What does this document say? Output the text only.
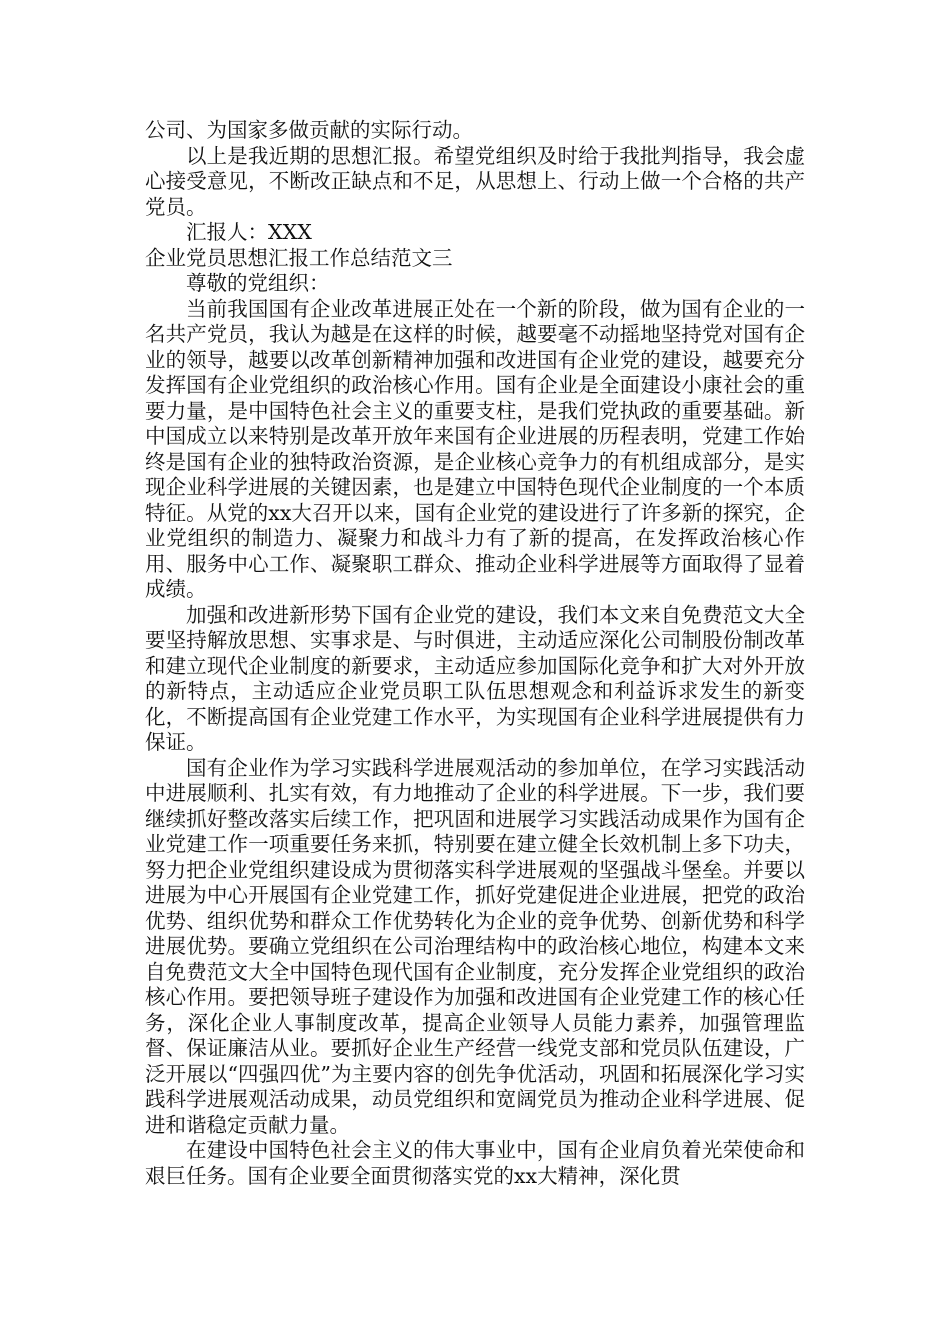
公司、为国家多做贡献的实际行动。

以上是我近期的思想汇报。希望党组织及时给于我批判指导，我会虚心接受意见，不断改正缺点和不足，从思想上、行动上做一个合格的共产党员。

汇报人：XXX

企业党员思想汇报工作总结范文三

尊敬的党组织：

当前我国国有企业改革进展正处在一个新的阶段，做为国有企业的一名共产党员，我认为越是在这样的时候，越要毫不动摇地坚持党对国有企业的领导，越要以改革创新精神加强和改进国有企业党的建设，越要充分发挥国有企业党组织的政治核心作用。国有企业是全面建设小康社会的重要力量，是中国特色社会主义的重要支柱，是我们党执政的重要基础。新中国成立以来特别是改革开放年来国有企业进展的历程表明，党建工作始终是国有企业的独特政治资源，是企业核心竞争力的有机组成部分，是实现企业科学进展的关键因素，也是建立中国特色现代企业制度的一个本质特征。从党的xx大召开以来，国有企业党的建设进行了许多新的探究，企业党组织的制造力、凝聚力和战斗力有了新的提高，在发挥政治核心作用、服务中心工作、凝聚职工群众、推动企业科学进展等方面取得了显着成绩。

加强和改进新形势下国有企业党的建设，我们本文来自免费范文大全要坚持解放思想、实事求是、与时俱进，主动适应深化公司制股份制改革和建立现代企业制度的新要求，主动适应参加国际化竞争和扩大对外开放的新特点，主动适应企业党员职工队伍思想观念和利益诉求发生的新变化，不断提高国有企业党建工作水平，为实现国有企业科学进展提供有力保证。

国有企业作为学习实践科学进展观活动的参加单位，在学习实践活动中进展顺利、扎实有效，有力地推动了企业的科学进展。下一步，我们要继续抓好整改落实后续工作，把巩固和进展学习实践活动成果作为国有企业党建工作一项重要任务来抓，特别要在建立健全长效机制上多下功夫，努力把企业党组织建设成为贯彻落实科学进展观的坚强战斗堡垒。并要以进展为中心开展国有企业党建工作，抓好党建促进企业进展，把党的政治优势、组织优势和群众工作优势转化为企业的竞争优势、创新优势和科学进展优势。要确立党组织在公司治理结构中的政治核心地位，构建本文来自免费范文大全中国特色现代国有企业制度，充分发挥企业党组织的政治核心作用。要把领导班子建设作为加强和改进国有企业党建工作的核心任务，深化企业人事制度改革，提高企业领导人员能力素养，加强管理监督、保证廉洁从业。要抓好企业生产经营一线党支部和党员队伍建设，广泛开展以“四强四优”为主要内容的创先争优活动，巩固和拓展深化学习实践科学进展观活动成果，动员党组织和宽阔党员为推动企业科学进展、促进和谐稳定贡献力量。

在建设中国特色社会主义的伟大事业中，国有企业肩负着光荣使命和艰巨任务。国有企业要全面贯彻落实党的xx大精神，深化贯
